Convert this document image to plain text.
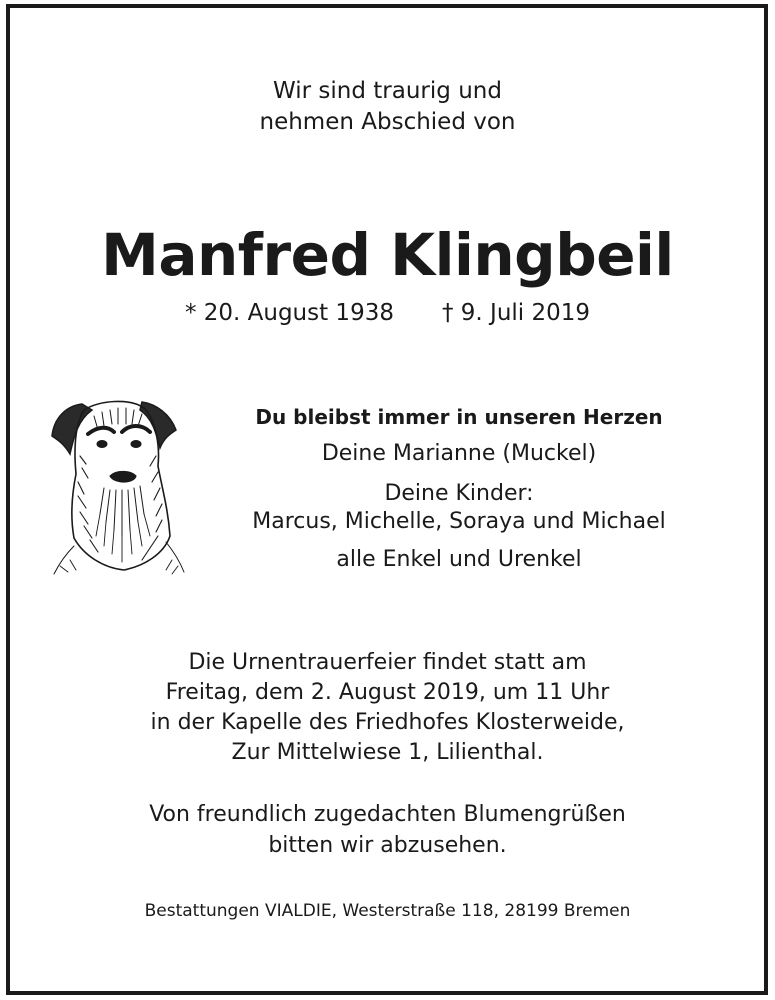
Wir sind traurig und
nehmen Abschied von
Manfred Klingbeil
* 20. August 1938 † 9. Juli 2019
Du bleibst immer in unseren Herzen
Deine Marianne (Muckel)
Deine Kinder:
Marcus, Michelle, Soraya und Michael
alle Enkel und Urenkel
Die Urnentrauerfeier findet statt am
Freitag, dem 2. August 2019, um 11 Uhr
in der Kapelle des Friedhofes Klosterweide,
Zur Mittelwiese 1, Lilienthal.
Von freundlich zugedachten Blumengrüßen
bitten wir abzusehen.
Bestattungen VIALDIE, Westerstraße 118, 28199 Bremen
